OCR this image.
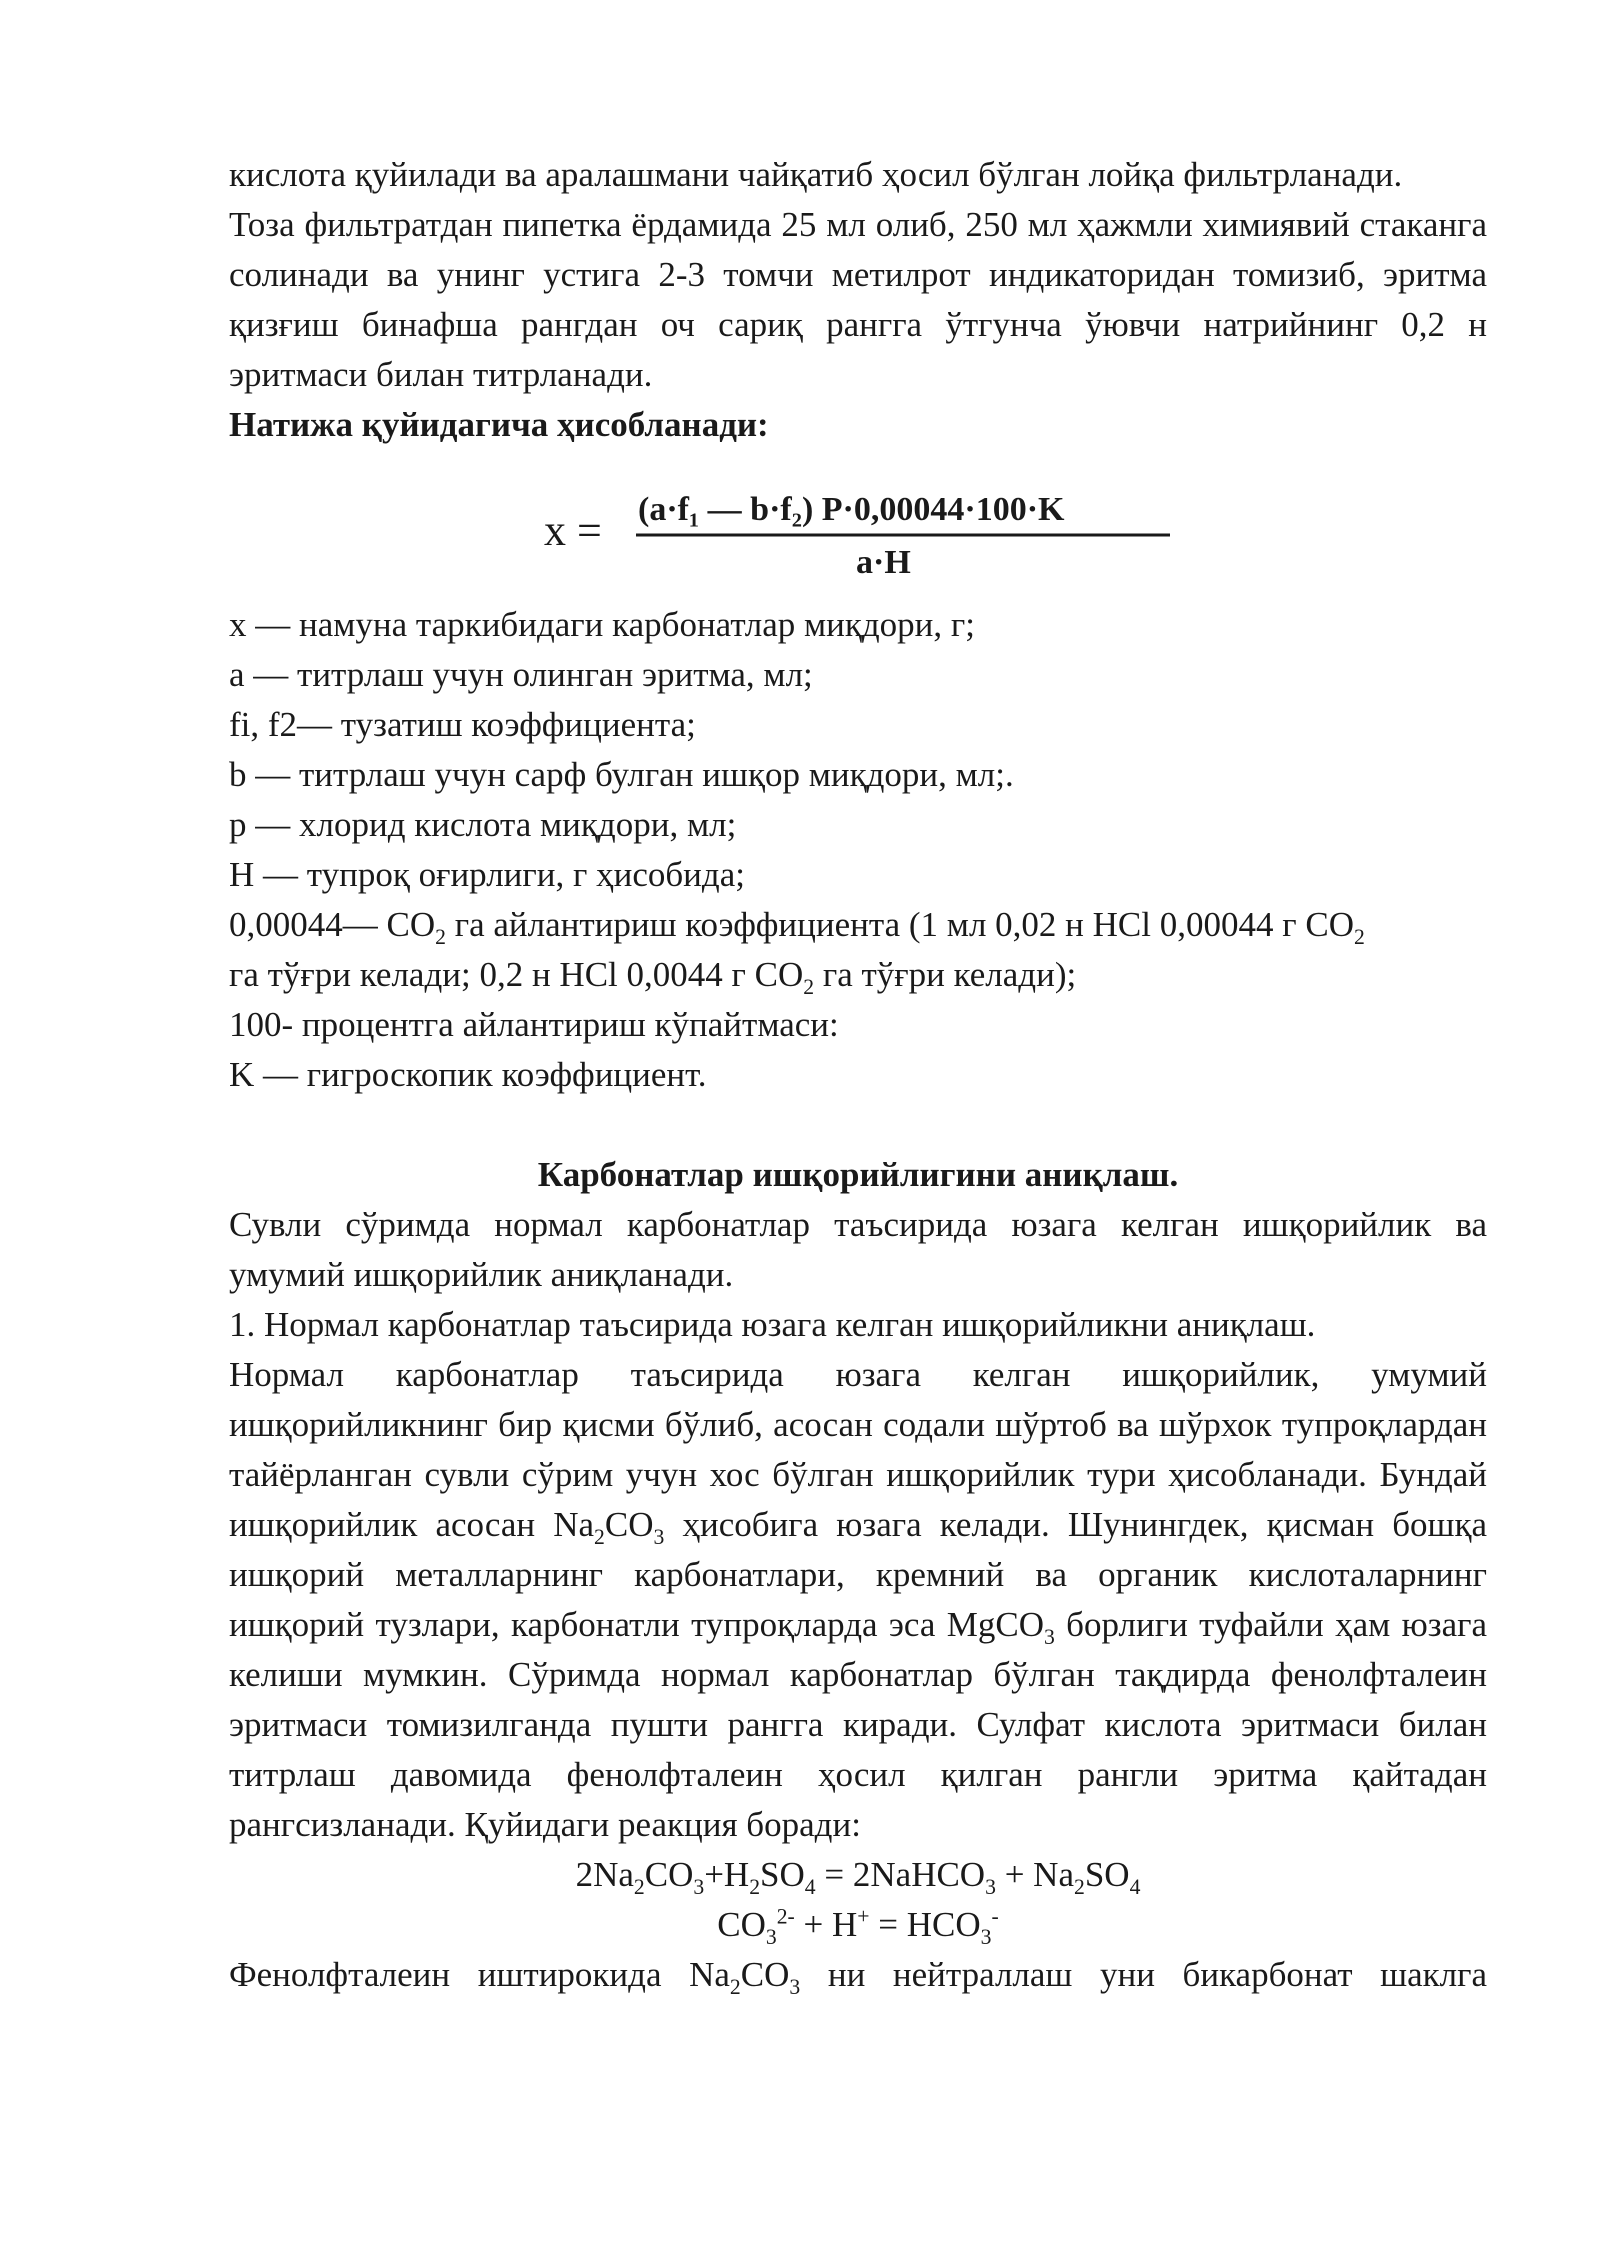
кислота қуйилади ва аралашмани чайқатиб ҳосил бўлган лойқа фильтрланади.

Тоза фильтратдан пипетка ёрдамида 25 мл олиб, 250 мл ҳажмли химиявий стаканга солинади ва унинг устига 2-3 томчи метилрот индикаторидан томизиб, эритма қизғиш бинафша рангдан оч сариқ рангга ўтгунча ўювчи натрийнинг 0,2 н эритмаси билан титрланади.

Натижа қуйидагича ҳисобланади:

x = (a·f₁ — b·f₂) P·0,00044·100·K
a·H

x — намуна таркибидаги карбонатлар миқдори, г;

a — титрлаш учун олинган эритма, мл;

fi, f2— тузатиш коэффициента;

b — титрлаш учун сарф булган ишқор миқдори, мл;.

p — хлорид кислота миқдори, мл;

H — тупроқ оғирлиги, г ҳисобида;

0,00044— $CO_2$ га айлантириш коэффициента (1 мл 0,02 н HCl 0,00044 г $CO_2$

га тўғри келади; 0,2 н HCl 0,0044 г $CO_2$ га тўғри келади);

100- процентга айлантириш кўпайтмаси:

K — гигроскопик коэффициент.

Карбонатлар ишқорийлигини аниқлаш.

Сувли сўримда нормал карбонатлар таъсирида юзага келган ишқорийлик ва умумий ишқорийлик аниқланади.

1. Нормал карбонатлар таъсирида юзага келган ишқорийликни аниқлаш.

Нормал карбонатлар таъсирида юзага келган ишқорийлик, умумий ишқорийликнинг бир қисми бўлиб, асосан содали шўртоб ва шўрхок тупроқлардан тайёрланган сувли сўрим учун хос бўлган ишқорийлик тури ҳисобланади. Бундай ишқорийлик асосан $Na_2CO_3$ ҳисобига юзага келади. Шунингдек, қисман бошқа ишқорий металларнинг карбонатлари, кремний ва органик кислоталарнинг ишқорий тузлари, карбонатли тупроқларда эса MgCO$_3$ борлиги туфайли ҳам юзага келиши мумкин. Сўримда нормал карбонатлар бўлган тақдирда фенолфталеин эритмаси томизилганда пушти рангга киради. Сулфат кислота эритмаси билан титрлаш давомида фенолфталеин ҳосил қилган рангли эритма қайтадан рангсизланади. Қуйидаги реакция боради:

$2Na_2CO_3+H_2SO_4$ = 2NaHCO$_3$ + $Na_2SO_4$

$CO_3^{2-} + H^+ = HCO_3^-$

Фенолфталеин иштирокида $Na_2CO_3$ ни нейтраллаш уни бикарбонат шаклга
